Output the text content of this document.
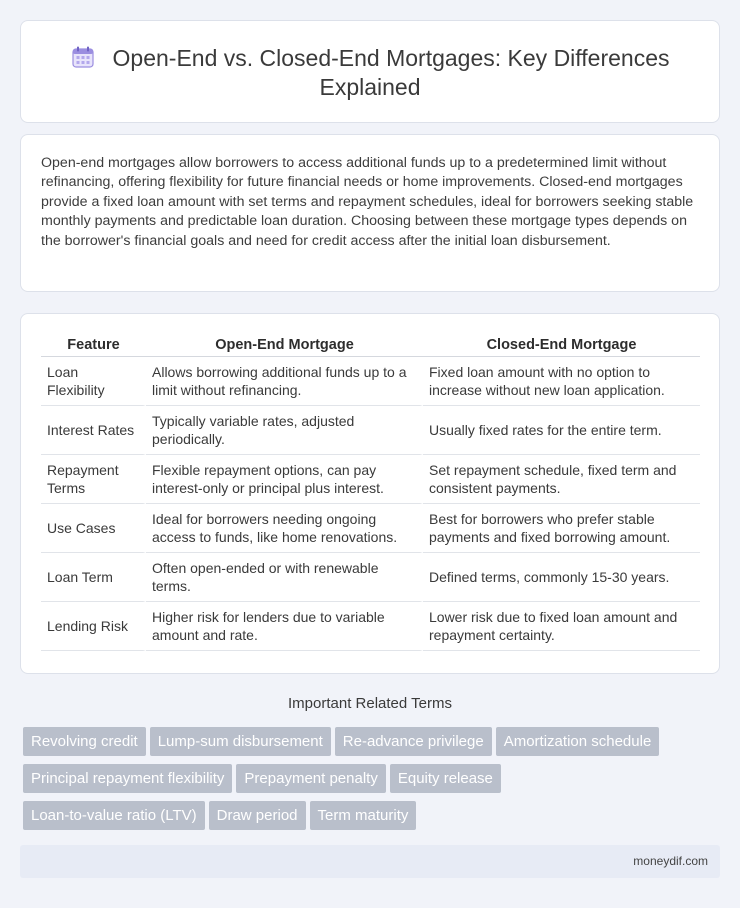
Open-End vs. Closed-End Mortgages: Key Differences Explained

Open-end mortgages allow borrowers to access additional funds up to a predetermined limit without refinancing, offering flexibility for future financial needs or home improvements. Closed-end mortgages provide a fixed loan amount with set terms and repayment schedules, ideal for borrowers seeking stable monthly payments and predictable loan duration. Choosing between these mortgage types depends on the borrower's financial goals and need for credit access after the initial loan disbursement.

Feature	Open-End Mortgage	Closed-End Mortgage
Loan Flexibility	Allows borrowing additional funds up to a limit without refinancing.	Fixed loan amount with no option to increase without new loan application.
Interest Rates	Typically variable rates, adjusted periodically.	Usually fixed rates for the entire term.
Repayment Terms	Flexible repayment options, can pay interest-only or principal plus interest.	Set repayment schedule, fixed term and consistent payments.
Use Cases	Ideal for borrowers needing ongoing access to funds, like home renovations.	Best for borrowers who prefer stable payments and fixed borrowing amount.
Loan Term	Often open-ended or with renewable terms.	Defined terms, commonly 15-30 years.
Lending Risk	Higher risk for lenders due to variable amount and rate.	Lower risk due to fixed loan amount and repayment certainty.
Important Related Terms
Revolving credit Lump-sum disbursement Re-advance privilege Amortization schedule
Principal repayment flexibility Prepayment penalty Equity release
Loan-to-value ratio (LTV) Draw period Term maturity
moneydif.com
